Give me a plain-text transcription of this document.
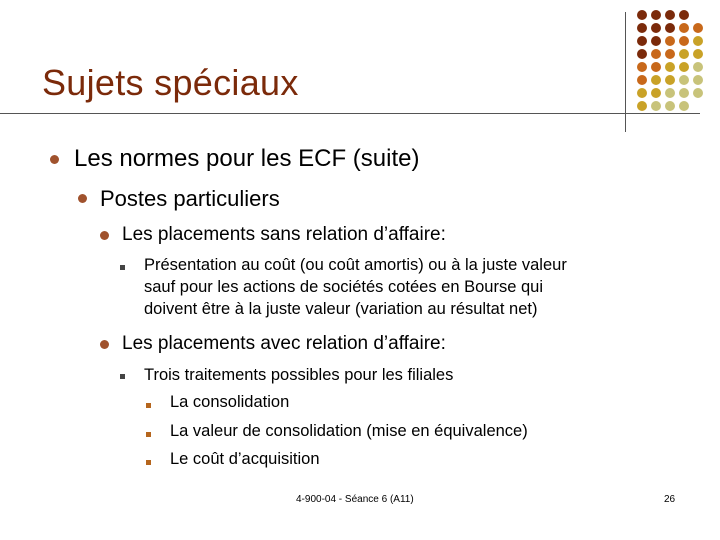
Sujets spéciaux
Les normes pour les ECF (suite)
Postes particuliers
Les placements sans relation d’affaire:
Présentation au coût (ou coût amortis) ou à la juste valeur
sauf pour les actions de sociétés cotées en Bourse qui
doivent être à la juste valeur (variation au résultat net)
Les placements avec relation d’affaire:
Trois traitements possibles pour les filiales
La consolidation
La valeur de consolidation (mise en équivalence)
Le coût d’acquisition
4-900-04 - Séance 6 (A11)	26
